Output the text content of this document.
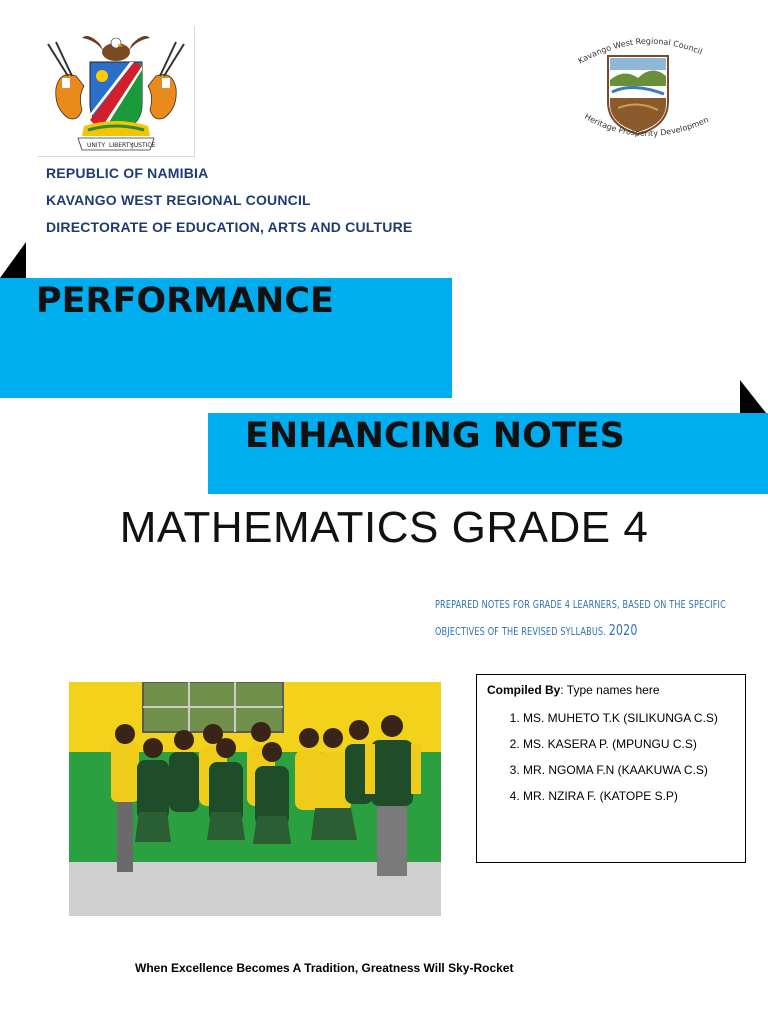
UNITY LIBERTY
JUSTICE
Kavango West Regional Council
Heritage Prosperity Developmen
REPUBLIC OF NAMIBIA
KAVANGO WEST REGIONAL COUNCIL
DIRECTORATE OF EDUCATION, ARTS AND CULTURE
PERFORMANCE
ENHANCING NOTES
MATHEMATICS GRADE 4
PREPARED NOTES FOR GRADE 4 LEARNERS, BASED ON THE SPECIFIC
OBJECTIVES OF THE REVISED SYLLABUS. 2020
Compiled By: Type names here
1. MS. MUHETO T.K (SILIKUNGA C.S)
2. MS. KASERA P. (MPUNGU C.S)
3. MR. NGOMA F.N (KAAKUWA C.S)
4. MR. NZIRA F. (KATOPE S.P)
When Excellence Becomes A Tradition, Greatness Will Sky-Rocket
